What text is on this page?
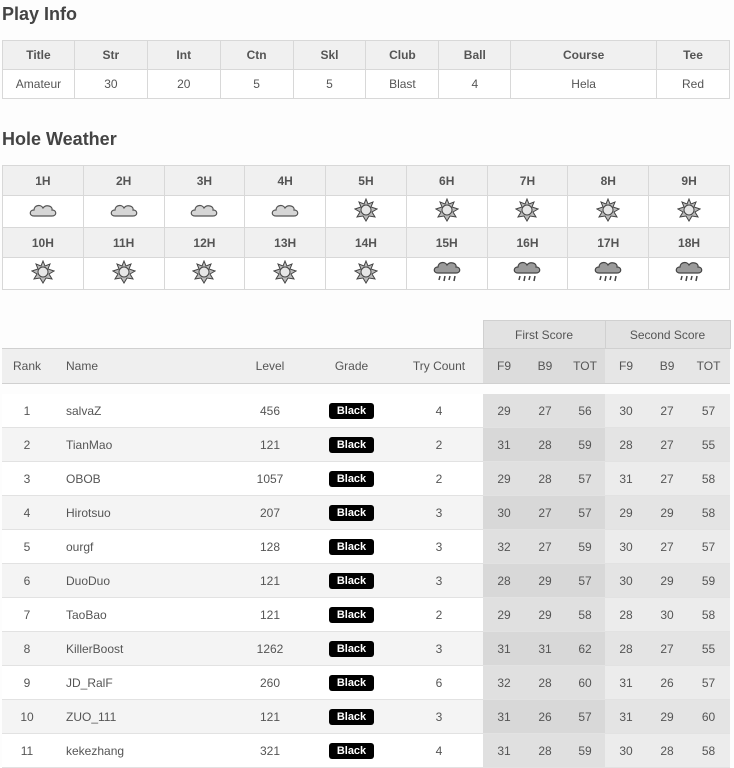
Play Info
Title	Str	Int	Ctn	Skl	Club	Ball	Course	Tee
Amateur	30	20	5	5	Blast	4	Hela	Red
Hole Weather
1H	2H	3H	4H	5H	6H	7H	8H	9H

10H	11H	12H	13H	14H	15H	16H	17H	18H

					First Score			Second Score		
Rank	Name	Level	Grade	Try Count	F9	B9	TOT	F9	B9	TOT

1	salvaZ	456	Black	4	29	27	56	30	27	57
2	TianMao	121	Black	2	31	28	59	28	27	55
3	OBOB	1057	Black	2	29	28	57	31	27	58
4	Hirotsuo	207	Black	3	30	27	57	29	29	58
5	ourgf	128	Black	3	32	27	59	30	27	57
6	DuoDuo	121	Black	3	28	29	57	30	29	59
7	TaoBao	121	Black	2	29	29	58	28	30	58
8	KillerBoost	1262	Black	3	31	31	62	28	27	55
9	JD_RalF	260	Black	6	32	28	60	31	26	57
10	ZUO_111	121	Black	3	31	26	57	31	29	60
11	kekezhang	321	Black	4	31	28	59	30	28	58
